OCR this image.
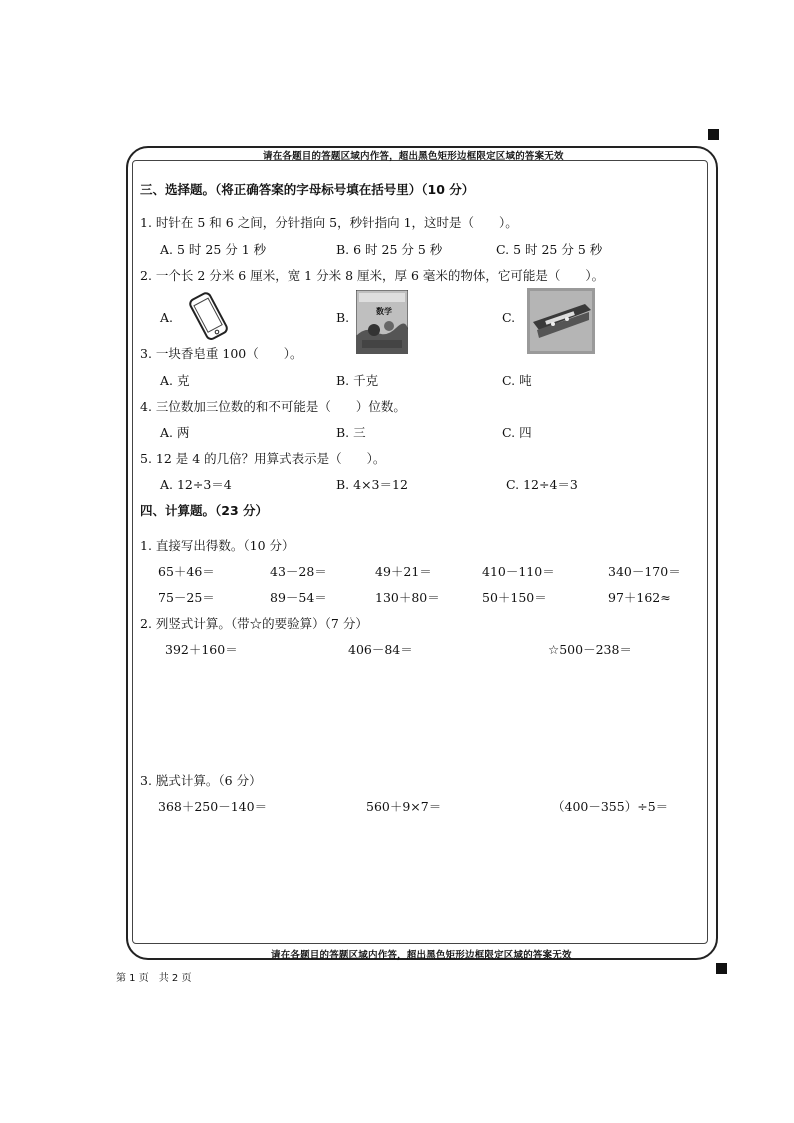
请在各题目的答题区域内作答，超出黑色矩形边框限定区域的答案无效
请在各题目的答题区域内作答，超出黑色矩形边框限定区域的答案无效
三、选择题。（将正确答案的字母标号填在括号里）（10 分）
1. 时针在 5 和 6 之间，分针指向 5，秒针指向 1，这时是（　　）。
A. 5 时 25 分 1 秒	B. 6 时 25 分 5 秒	C. 5 时 25 分 5 秒
2. 一个长 2 分米 6 厘米，宽 1 分米 8 厘米，厚 6 毫米的物体，它可能是（　　）。
A.	B.	C.
数学
3. 一块香皂重 100（　　）。
A. 克	B. 千克	C. 吨
4. 三位数加三位数的和不可能是（　　）位数。
A. 两	B. 三	C. 四
5. 12 是 4 的几倍？用算式表示是（　　）。
A. 12÷3＝4	B. 4×3＝12	C. 12÷4＝3
四、计算题。（23 分）
1. 直接写出得数。（10 分）
65＋46＝	43－28＝	49＋21＝	410－110＝	340－170＝
75－25＝	89－54＝	130＋80＝	50＋150＝	97＋162≈
2. 列竖式计算。（带☆的要验算）（7 分）
392＋160＝	406－84＝	☆500－238＝
3. 脱式计算。（6 分）
368＋250－140＝	560＋9×7＝	（400－355）÷5＝
第 1 页　共 2 页
